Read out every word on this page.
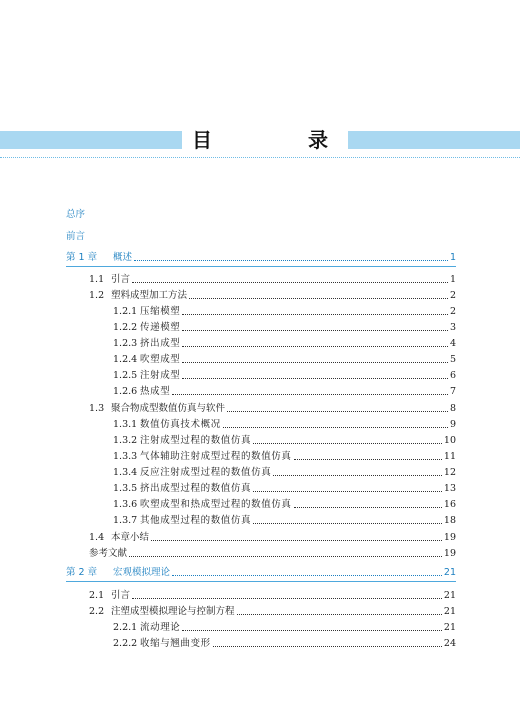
目　录
总序
前言
第 1 章	概述	1
1.1 引言	1
1.2 塑料成型加工方法	2
1.2.1 压缩模塑	2
1.2.2 传递模塑	3
1.2.3 挤出成型	4
1.2.4 吹塑成型	5
1.2.5 注射成型	6
1.2.6 热成型	7
1.3 聚合物成型数值仿真与软件	8
1.3.1 数值仿真技术概况	9
1.3.2 注射成型过程的数值仿真	10
1.3.3 气体辅助注射成型过程的数值仿真	11
1.3.4 反应注射成型过程的数值仿真	12
1.3.5 挤出成型过程的数值仿真	13
1.3.6 吹塑成型和热成型过程的数值仿真	16
1.3.7 其他成型过程的数值仿真	18
1.4 本章小结	19
参考文献	19
第 2 章	宏观模拟理论	21
2.1 引言	21
2.2 注塑成型模拟理论与控制方程	21
2.2.1 流动理论	21
2.2.2 收缩与翘曲变形	24
